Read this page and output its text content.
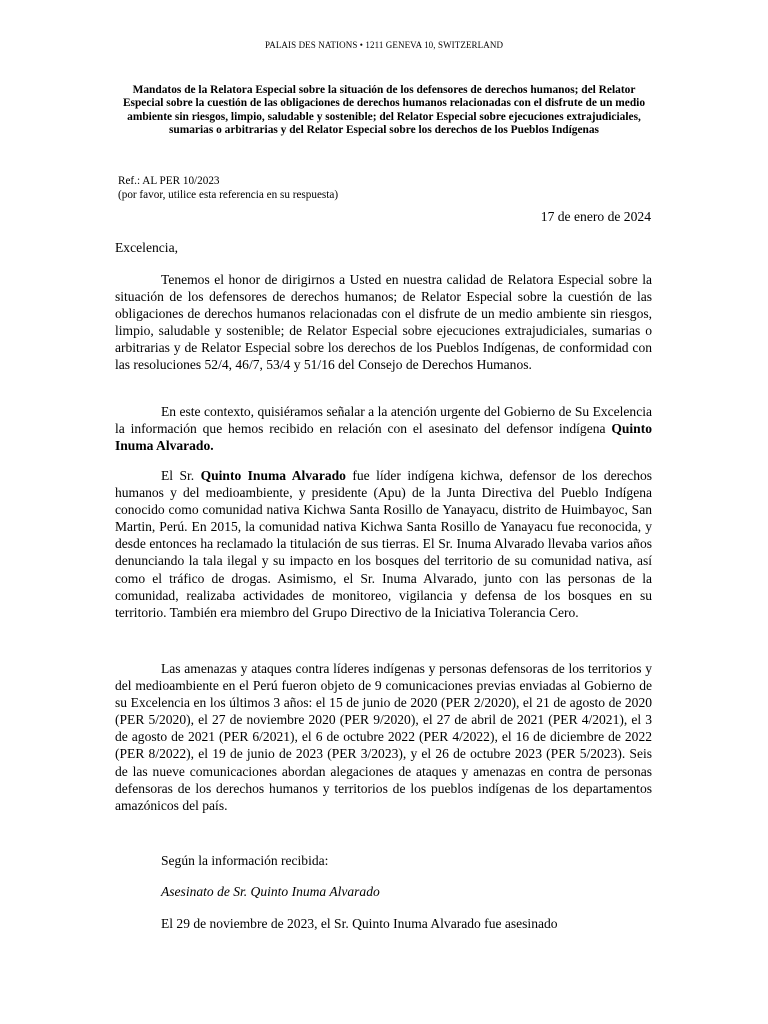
PALAIS DES NATIONS • 1211 GENEVA 10, SWITZERLAND
Mandatos de la Relatora Especial sobre la situación de los defensores de derechos humanos; del Relator Especial sobre la cuestión de las obligaciones de derechos humanos relacionadas con el disfrute de un medio ambiente sin riesgos, limpio, saludable y sostenible; del Relator Especial sobre ejecuciones extrajudiciales, sumarias o arbitrarias y del Relator Especial sobre los derechos de los Pueblos Indígenas
Ref.: AL PER 10/2023
(por favor, utilice esta referencia en su respuesta)
17 de enero de 2024
Excelencia,

Tenemos el honor de dirigirnos a Usted en nuestra calidad de Relatora Especial sobre la situación de los defensores de derechos humanos; de Relator Especial sobre la cuestión de las obligaciones de derechos humanos relacionadas con el disfrute de un medio ambiente sin riesgos, limpio, saludable y sostenible; de Relator Especial sobre ejecuciones extrajudiciales, sumarias o arbitrarias y de Relator Especial sobre los derechos de los Pueblos Indígenas, de conformidad con las resoluciones 52/4, 46/7, 53/4 y 51/16 del Consejo de Derechos Humanos.

En este contexto, quisiéramos señalar a la atención urgente del Gobierno de Su Excelencia la información que hemos recibido en relación con el asesinato del defensor indígena Quinto Inuma Alvarado.

El Sr. Quinto Inuma Alvarado fue líder indígena kichwa, defensor de los derechos humanos y del medioambiente, y presidente (Apu) de la Junta Directiva del Pueblo Indígena conocido como comunidad nativa Kichwa Santa Rosillo de Yanayacu, distrito de Huimbayoc, San Martin, Perú. En 2015, la comunidad nativa Kichwa Santa Rosillo de Yanayacu fue reconocida, y desde entonces ha reclamado la titulación de sus tierras. El Sr. Inuma Alvarado llevaba varios años denunciando la tala ilegal y su impacto en los bosques del territorio de su comunidad nativa, así como el tráfico de drogas. Asimismo, el Sr. Inuma Alvarado, junto con las personas de la comunidad, realizaba actividades de monitoreo, vigilancia y defensa de los bosques en su territorio. También era miembro del Grupo Directivo de la Iniciativa Tolerancia Cero.

Las amenazas y ataques contra líderes indígenas y personas defensoras de los territorios y del medioambiente en el Perú fueron objeto de 9 comunicaciones previas enviadas al Gobierno de su Excelencia en los últimos 3 años: el 15 de junio de 2020 (PER 2/2020), el 21 de agosto de 2020 (PER 5/2020), el 27 de noviembre 2020 (PER 9/2020), el 27 de abril de 2021 (PER 4/2021), el 3 de agosto de 2021 (PER 6/2021), el 6 de octubre 2022 (PER 4/2022), el 16 de diciembre de 2022 (PER 8/2022), el 19 de junio de 2023 (PER 3/2023), y el 26 de octubre 2023 (PER 5/2023). Seis de las nueve comunicaciones abordan alegaciones de ataques y amenazas en contra de personas defensoras de los derechos humanos y territorios de los pueblos indígenas de los departamentos amazónicos del país.

Según la información recibida:

Asesinato de Sr. Quinto Inuma Alvarado

El 29 de noviembre de 2023, el Sr. Quinto Inuma Alvarado fue asesinado
